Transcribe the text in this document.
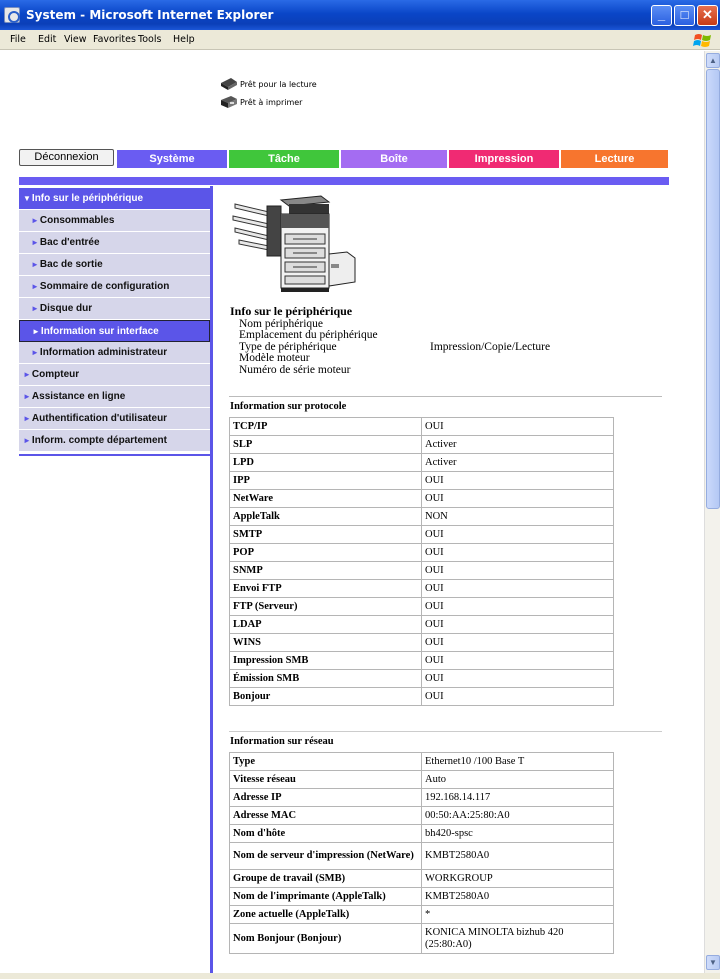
System - Microsoft Internet Explorer	_	□	✕
File Edit View Favorites Tools Help
Prêt pour la lecture
Prêt à imprimer
Déconnexion	Système	Tâche	Boîte	Impression	Lecture
▼Info sur le périphérique
►Consommables
►Bac d'entrée
►Bac de sortie
►Sommaire de configuration
►Disque dur
►Information sur interface
►Information administrateur
►Compteur
►Assistance en ligne
►Authentification d'utilisateur
►Inform. compte département
Info sur le périphérique
Nom périphérique
Emplacement du périphérique
Type de périphérique	Impression/Copie/Lecture
Modèle moteur
Numéro de série moteur
Information sur protocole
TCP/IP	OUI
SLP	Activer
LPD	Activer
IPP	OUI
NetWare	OUI
AppleTalk	NON
SMTP	OUI
POP	OUI
SNMP	OUI
Envoi FTP	OUI
FTP (Serveur)	OUI
LDAP	OUI
WINS	OUI
Impression SMB	OUI
Émission SMB	OUI
Bonjour	OUI
Information sur réseau
Type	Ethernet10 /100 Base T
Vitesse réseau	Auto
Adresse IP	192.168.14.117
Adresse MAC	00:50:AA:25:80:A0
Nom d'hôte	bh420-spsc
Nom de serveur d'impression (NetWare)	KMBT2580A0
Groupe de travail (SMB)	WORKGROUP
Nom de l'imprimante (AppleTalk)	KMBT2580A0
Zone actuelle (AppleTalk)	*
Nom Bonjour (Bonjour)	KONICA MINOLTA bizhub 420 (25:80:A0)
▲
▼
